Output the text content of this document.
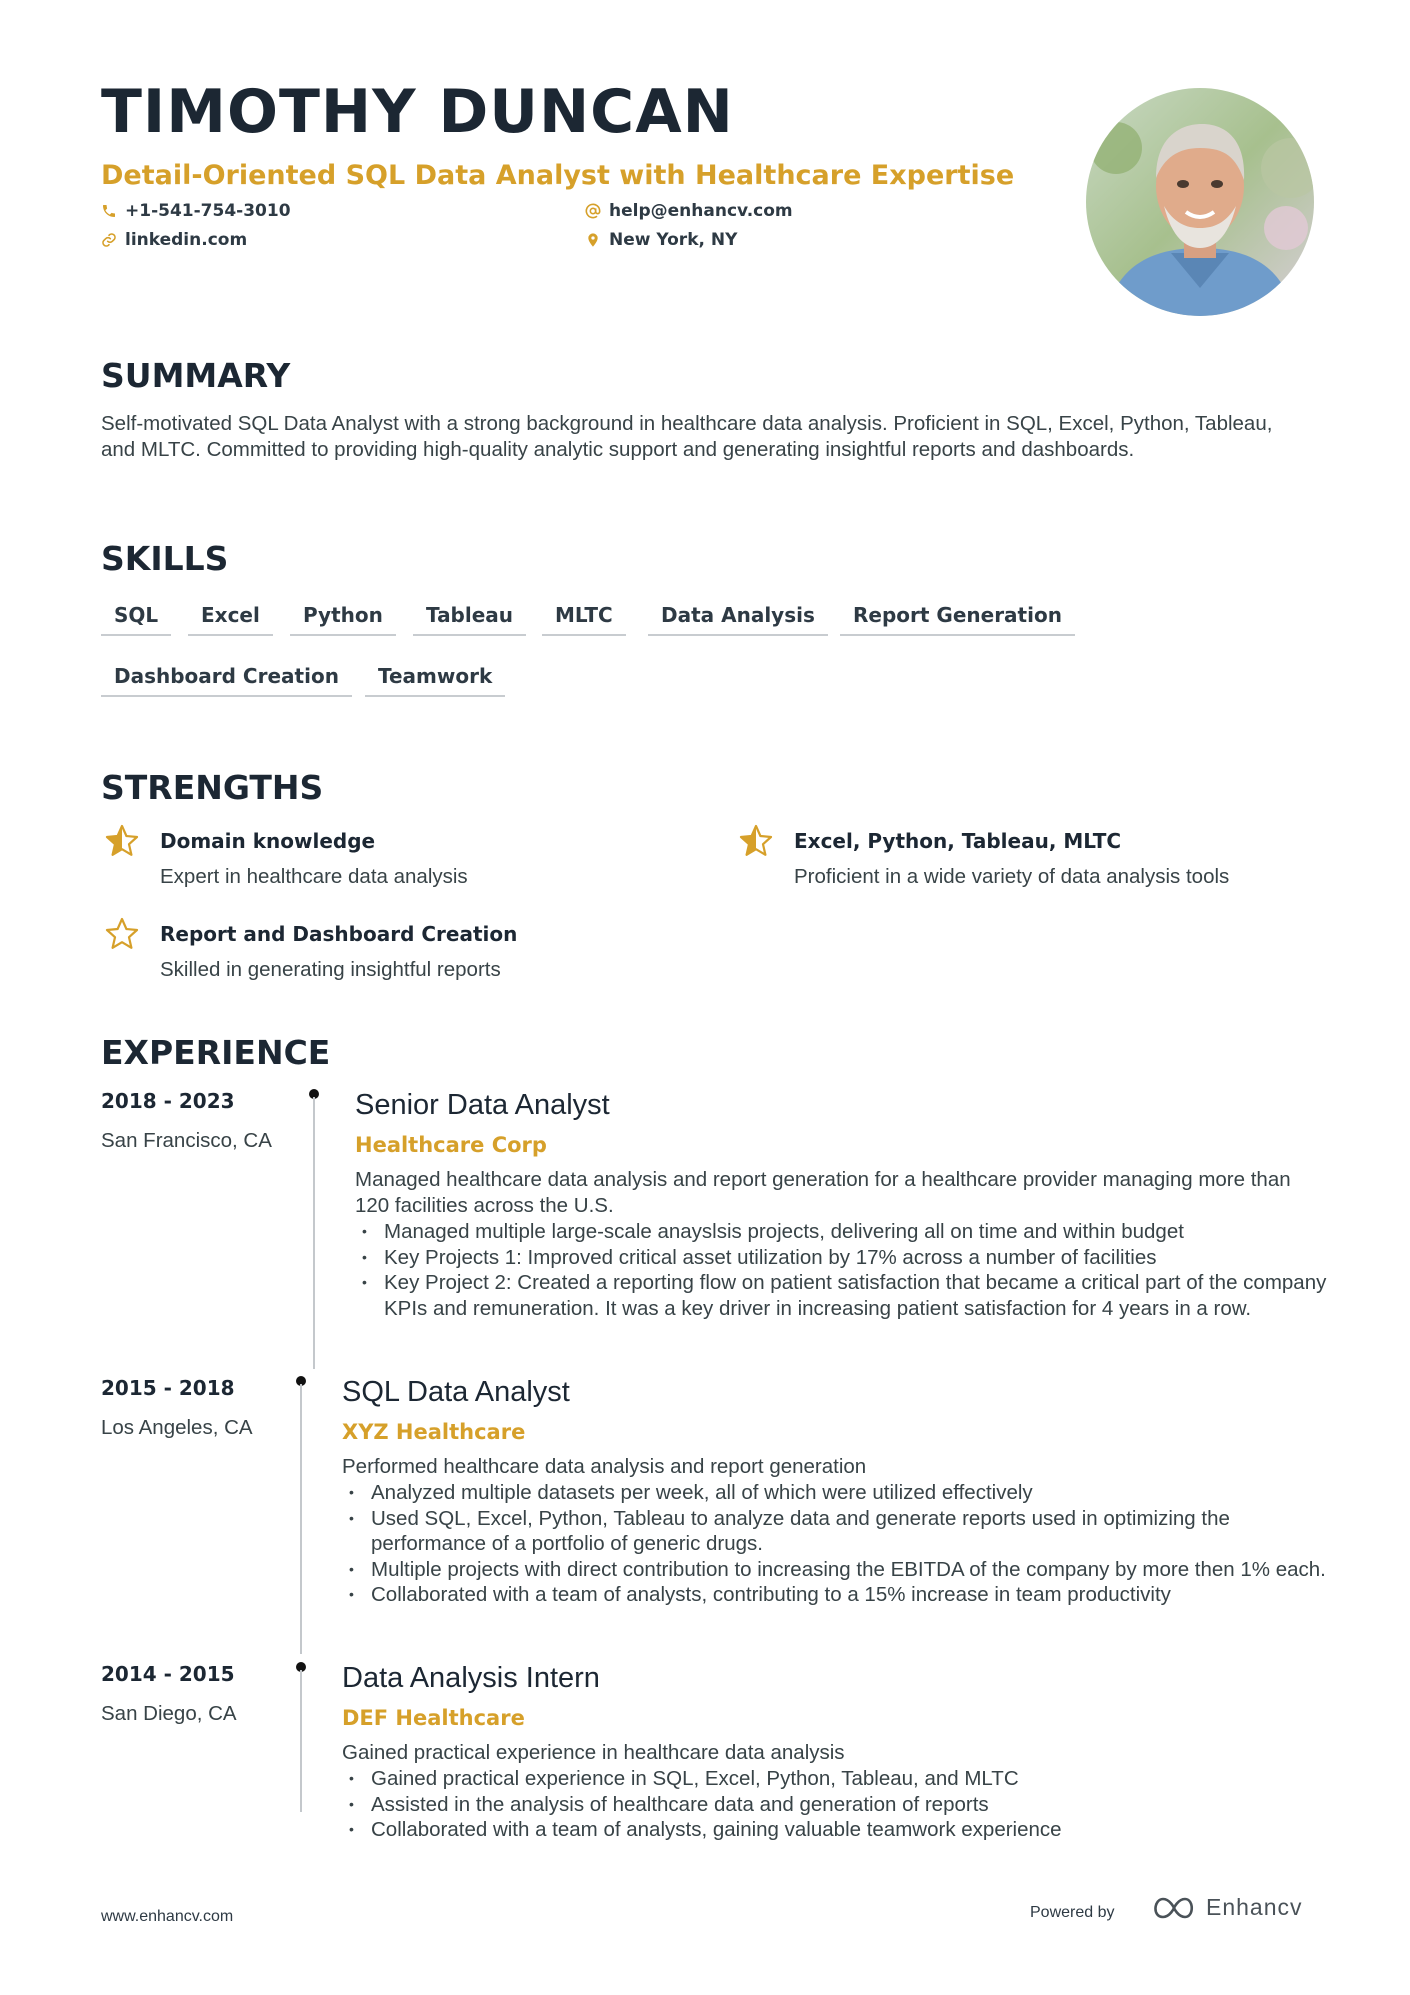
TIMOTHY DUNCAN
Detail-Oriented SQL Data Analyst with Healthcare Expertise
+1-541-754-3010	help@enhancv.com
linkedin.com	New York, NY
SUMMARY

Self-motivated SQL Data Analyst with a strong background in healthcare data analysis. Proficient in SQL, Excel, Python, Tableau, and MLTC. Committed to providing high-quality analytic support and generating insightful reports and dashboards.

SKILLS
SQL	Excel	Python	Tableau	MLTC	Data Analysis	Report Generation
Dashboard Creation	Teamwork
STRENGTHS
Domain knowledge
Expert in healthcare data analysis
Excel, Python, Tableau, MLTC
Proficient in a wide variety of data analysis tools
Report and Dashboard Creation
Skilled in generating insightful reports
EXPERIENCE
2018 - 2023
San Francisco, CA
Senior Data Analyst
Healthcare Corp
Managed healthcare data analysis and report generation for a healthcare provider managing more than 120 facilities across the U.S.
• Managed multiple large-scale anayslsis projects, delivering all on time and within budget
• Key Projects 1: Improved critical asset utilization by 17% across a number of facilities
• Key Project 2: Created a reporting flow on patient satisfaction that became a critical part of the company KPIs and remuneration. It was a key driver in increasing patient satisfaction for 4 years in a row.
2015 - 2018
Los Angeles, CA
SQL Data Analyst
XYZ Healthcare
Performed healthcare data analysis and report generation
• Analyzed multiple datasets per week, all of which were utilized effectively
• Used SQL, Excel, Python, Tableau to analyze data and generate reports used in optimizing the performance of a portfolio of generic drugs.
• Multiple projects with direct contribution to increasing the EBITDA of the company by more then 1% each.
• Collaborated with a team of analysts, contributing to a 15% increase in team productivity
2014 - 2015
San Diego, CA
Data Analysis Intern
DEF Healthcare
Gained practical experience in healthcare data analysis
• Gained practical experience in SQL, Excel, Python, Tableau, and MLTC
• Assisted in the analysis of healthcare data and generation of reports
• Collaborated with a team of analysts, gaining valuable teamwork experience
www.enhancv.com	Powered by	Enhancv
